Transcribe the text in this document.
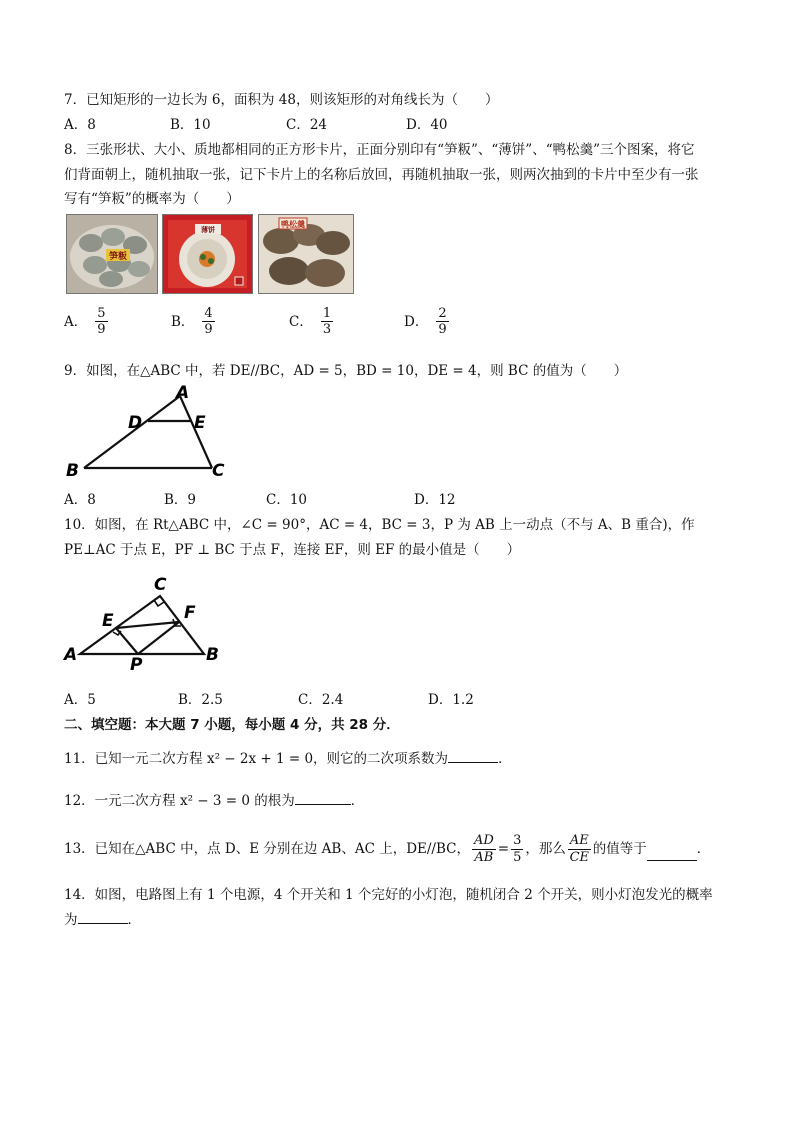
7．已知矩形的一边长为 6，面积为 48，则该矩形的对角线长为（　　）
A．8	B．10	C．24	D．40
8．三张形状、大小、质地都相同的正方形卡片，正面分别印有“笋粄”、“薄饼”、“鸭松羹”三个图案，将它
们背面朝上，随机抽取一张，记下卡片上的名称后放回，再随机抽取一张，则两次抽到的卡片中至少有一张
写有“笋粄”的概率为（　　）
笋粄
薄饼
鸭松羹
A． $\frac{5}{9}$	B． $\frac{4}{9}$	C． $\frac{1}{3}$	D． $\frac{2}{9}$
9．如图，在△ABC 中，若 DE//BC，AD = 5，BD = 10，DE = 4，则 BC 的值为（　　）
A
D	E
B	C
A．8	B．9	C．10	D．12
10．如图，在 Rt△ABC 中，∠C = 90°，AC = 4，BC = 3，P 为 AB 上一动点（不与 A、B 重合)，作
PE⊥AC 于点 E，PF ⊥ BC 于点 F，连接 EF，则 EF 的最小值是（　　）
C
E	F
A	P	B
A．5	B．2.5	C．2.4	D．1.2
二、填空题：本大题 7 小题，每小题 4 分，共 28 分．
11．已知一元二次方程 x² − 2x + 1 = 0，则它的二次项系数为	．
12．一元二次方程 x² − 3 = 0 的根为	．
13．已知在△ABC 中，点 D、E 分别在边 AB、AC 上，DE//BC， $\frac{AD}{AB} = \frac{3}{5}$ ，那么
AE
CE 的值等于	．
14．如图，电路图上有 1 个电源，4 个开关和 1 个完好的小灯泡，随机闭合 2 个开关，则小灯泡发光的概率
为	．
